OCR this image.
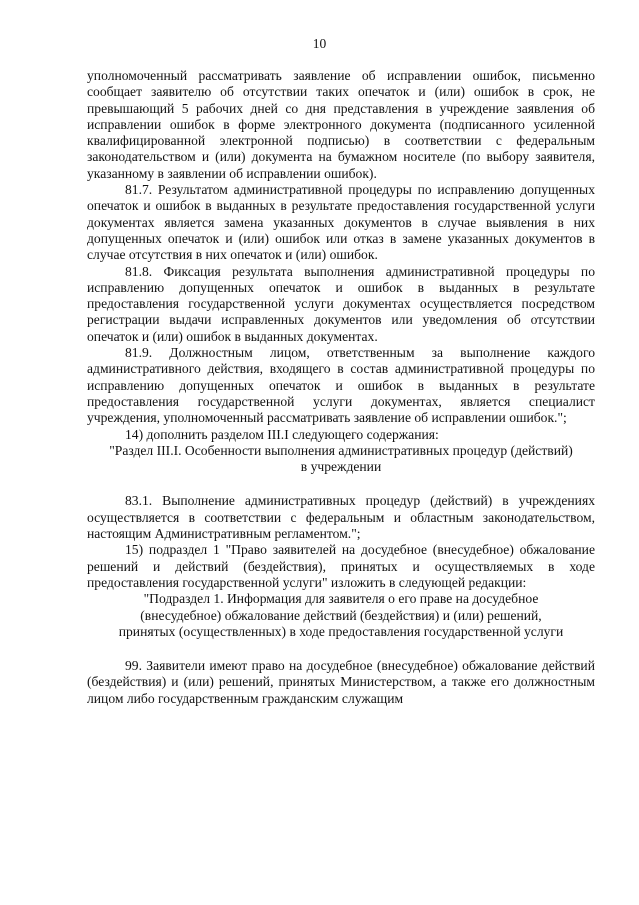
10

уполномоченный рассматривать заявление об исправлении ошибок, письменно сообщает заявителю об отсутствии таких опечаток и (или) ошибок в срок, не превышающий 5 рабочих дней со дня представления в учреждение заявления об исправлении ошибок в форме электронного документа (подписанного усиленной квалифицированной электронной подписью) в соответствии с федеральным законодательством и (или) документа на бумажном носителе (по выбору заявителя, указанному в заявлении об исправлении ошибок).

81.7. Результатом административной процедуры по исправлению допущенных опечаток и ошибок в выданных в результате предоставления государственной услуги документах является замена указанных документов в случае выявления в них допущенных опечаток и (или) ошибок или отказ в замене указанных документов в случае отсутствия в них опечаток и (или) ошибок.

81.8. Фиксация результата выполнения административной процедуры по исправлению допущенных опечаток и ошибок в выданных в результате предоставления государственной услуги документах осуществляется посредством регистрации выдачи исправленных документов или уведомления об отсутствии опечаток и (или) ошибок в выданных документах.

81.9. Должностным лицом, ответственным за выполнение каждого административного действия, входящего в состав административной процедуры по исправлению допущенных опечаток и ошибок в выданных в результате предоставления государственной услуги документах, является специалист учреждения, уполномоченный рассматривать заявление об исправлении ошибок.";

14) дополнить разделом III.I следующего содержания:

"Раздел III.I. Особенности выполнения административных процедур (действий) в учреждении

83.1. Выполнение административных процедур (действий) в учреждениях осуществляется в соответствии с федеральным и областным законодательством, настоящим Административным регламентом.";

15) подраздел 1 "Право заявителей на досудебное (внесудебное) обжалование решений и действий (бездействия), принятых и осуществляемых в ходе предоставления государственной услуги" изложить в следующей редакции:

"Подраздел 1. Информация для заявителя о его праве на досудебное (внесудебное) обжалование действий (бездействия) и (или) решений, принятых (осуществленных) в ходе предоставления государственной услуги

99. Заявители имеют право на досудебное (внесудебное) обжалование действий (бездействия) и (или) решений, принятых Министерством, а также его должностным лицом либо государственным гражданским служащим
